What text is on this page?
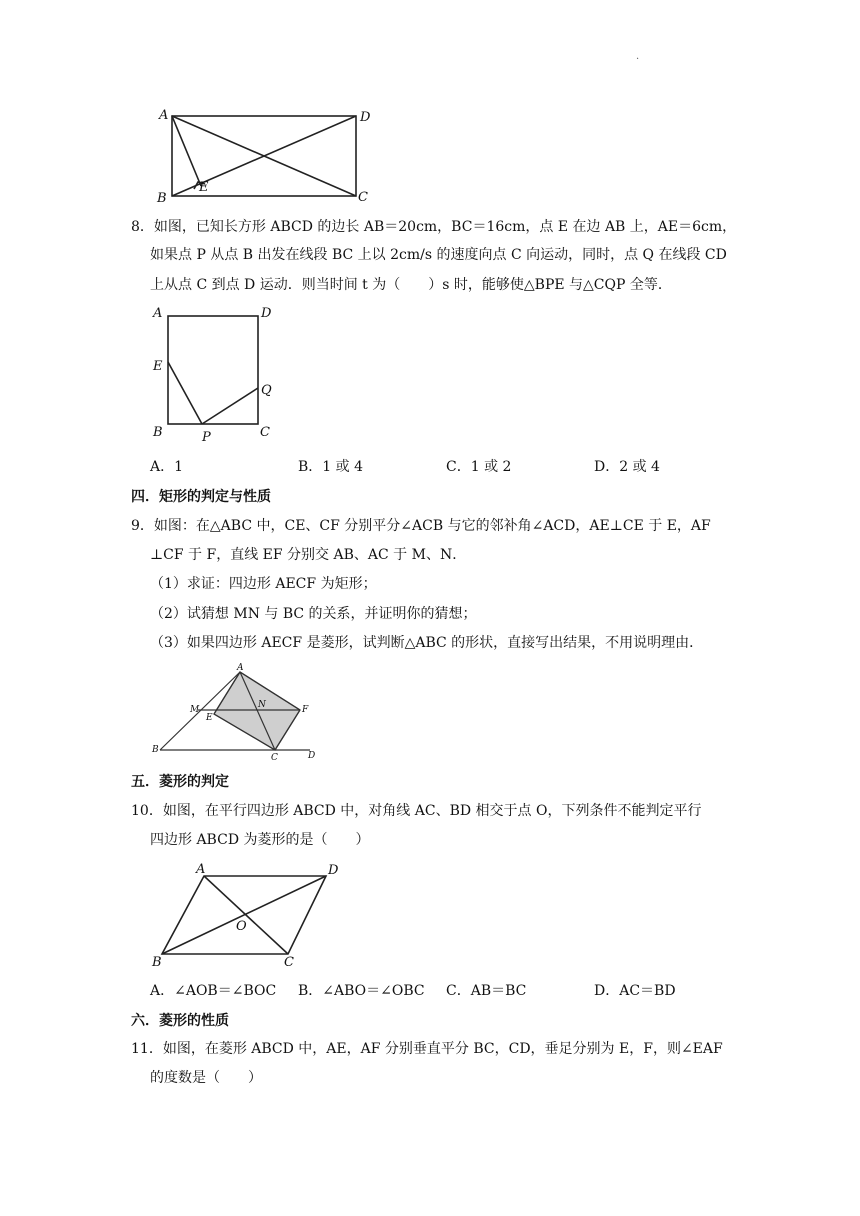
·
A	D
B
E
C
8．如图，已知长方形 ABCD 的边长 AB＝20cm，BC＝16cm，点 E 在边 AB 上，AE＝6cm，
如果点 P 从点 B 出发在线段 BC 上以 2cm/s 的速度向点 C 向运动，同时，点 Q 在线段 CD
上从点 C 到点 D 运动．则当时间 t 为（　　）s 时，能够使△BPE 与△CQP 全等．
A	D
E
Q
B	P	C
A．1	B．1 或 4	C．1 或 2	D．2 或 4
四．矩形的判定与性质
9．如图：在△ABC 中，CE、CF 分别平分∠ACB 与它的邻补角∠ACD，AE⊥CE 于 E，AF
⊥CF 于 F，直线 EF 分别交 AB、AC 于 M、N．
（1）求证：四边形 AECF 为矩形；
（2）试猜想 MN 与 BC 的关系，并证明你的猜想；
（3）如果四边形 AECF 是菱形，试判断△ABC 的形状，直接写出结果，不用说明理由．
A
M
E
N	F
B
C	D
五．菱形的判定
10．如图，在平行四边形 ABCD 中，对角线 AC、BD 相交于点 O，下列条件不能判定平行
四边形 ABCD 为菱形的是（　　）
A	D
O
B	C
A．∠AOB＝∠BOC B．∠ABO＝∠OBC C．AB＝BC	D．AC＝BD
六．菱形的性质
11．如图，在菱形 ABCD 中，AE，AF 分别垂直平分 BC，CD，垂足分别为 E，F，则∠EAF
的度数是（　　）
